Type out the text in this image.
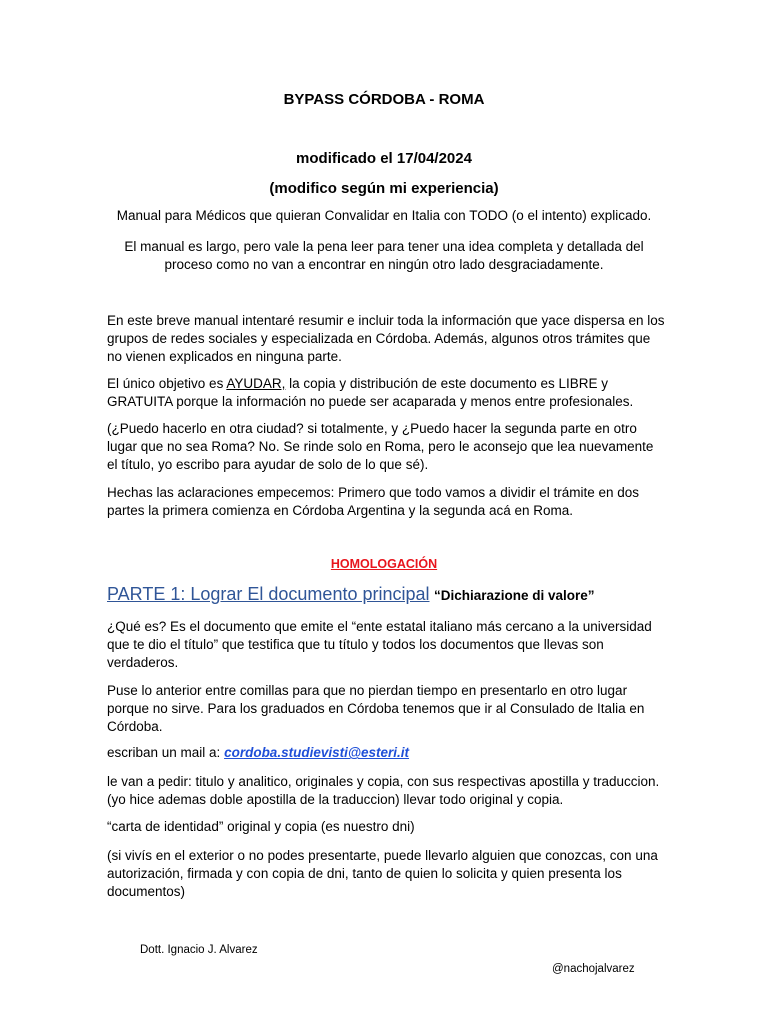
BYPASS CÓRDOBA - ROMA
modificado el 17/04/2024
(modifico según mi experiencia)
Manual para Médicos que quieran Convalidar en Italia con TODO (o el intento) explicado.
El manual es largo, pero vale la pena leer para tener una idea completa y detallada del proceso como no van a encontrar en ningún otro lado desgraciadamente.
En este breve manual intentaré resumir e incluir toda la información que yace dispersa en los grupos de redes sociales y especializada en Córdoba. Además, algunos otros trámites que no vienen explicados en ninguna parte.
El único objetivo es AYUDAR, la copia y distribución de este documento es LIBRE y GRATUITA porque la información no puede ser acaparada y menos entre profesionales.
(¿Puedo hacerlo en otra ciudad? si totalmente, y ¿Puedo hacer la segunda parte en otro lugar que no sea Roma? No. Se rinde solo en Roma, pero le aconsejo que lea nuevamente el título, yo escribo para ayudar de solo de lo que sé).
Hechas las aclaraciones empecemos: Primero que todo vamos a dividir el trámite en dos partes la primera comienza en Córdoba Argentina y la segunda acá en Roma.
HOMOLOGACIÓN
PARTE 1: Lograr El documento principal “Dichiarazione di valore”
¿Qué es? Es el documento que emite el “ente estatal italiano más cercano a la universidad que te dio el título” que testifica que tu título y todos los documentos que llevas son verdaderos.
Puse lo anterior entre comillas para que no pierdan tiempo en presentarlo en otro lugar porque no sirve. Para los graduados en Córdoba tenemos que ir al Consulado de Italia en Córdoba.
escriban un mail a: cordoba.studievisti@esteri.it
le van a pedir: titulo y analitico, originales y copia, con sus respectivas apostilla y traduccion. (yo hice ademas doble apostilla de la traduccion) llevar todo original y copia.
“carta de identidad” original y copia (es nuestro dni)
(si vivís en el exterior o no podes presentarte, puede llevarlo alguien que conozcas, con una autorización, firmada y con copia de dni, tanto de quien lo solicita y quien presenta los documentos)
Dott. Ignacio J. Alvarez
@nachojalvarez
